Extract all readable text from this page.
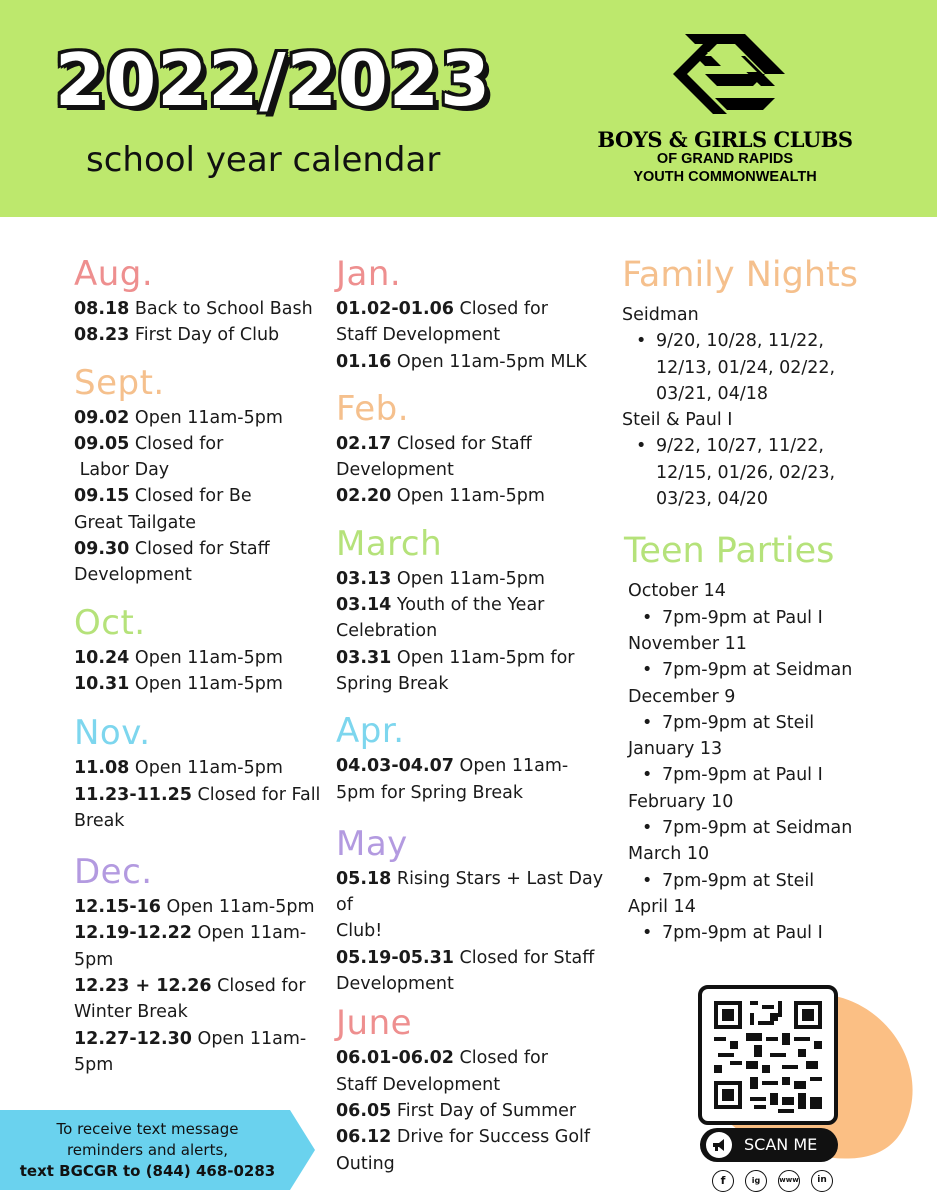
2022/2023
school year calendar
BOYS & GIRLS CLUBS
OF GRAND RAPIDS
YOUTH COMMONWEALTH
Aug.
08.18 Back to School Bash
08.23 First Day of Club
Sept.
09.02 Open 11am-5pm
09.05 Closed for
Labor Day
09.15 Closed for Be
Great Tailgate
09.30 Closed for Staff
Development
Oct.
10.24 Open 11am-5pm
10.31 Open 11am-5pm
Nov.
11.08 Open 11am-5pm
11.23-11.25 Closed for Fall
Break
Dec.
12.15-16 Open 11am-5pm
12.19-12.22 Open 11am-5pm
12.23 + 12.26 Closed for
Winter Break
12.27-12.30 Open 11am-
5pm
Jan.
01.02-01.06 Closed for
Staff Development
01.16 Open 11am-5pm MLK
Feb.
02.17 Closed for Staff
Development
02.20 Open 11am-5pm
March
03.13 Open 11am-5pm
03.14 Youth of the Year
Celebration
03.31 Open 11am-5pm for
Spring Break
Apr.
04.03-04.07 Open 11am-
5pm for Spring Break
May
05.18 Rising Stars + Last Day of
Club!
05.19-05.31 Closed for Staff
Development
June
06.01-06.02 Closed for
Staff Development
06.05 First Day of Summer
06.12 Drive for Success Golf
Outing
Family Nights
Seidman
• 9/20, 10/28, 11/22,
12/13, 01/24, 02/22,
03/21, 04/18
Steil & Paul I
• 9/22, 10/27, 11/22,
12/15, 01/26, 02/23,
03/23, 04/20
Teen Parties
October 14
• 7pm-9pm at Paul I
November 11
• 7pm-9pm at Seidman
December 9
• 7pm-9pm at Steil
January 13
• 7pm-9pm at Paul I
February 10
• 7pm-9pm at Seidman
March 10
• 7pm-9pm at Steil
April 14
• 7pm-9pm at Paul I
To receive text message
reminders and alerts,
text BGCGR to (844) 468-0283
SCAN ME
f	ig	www	in
